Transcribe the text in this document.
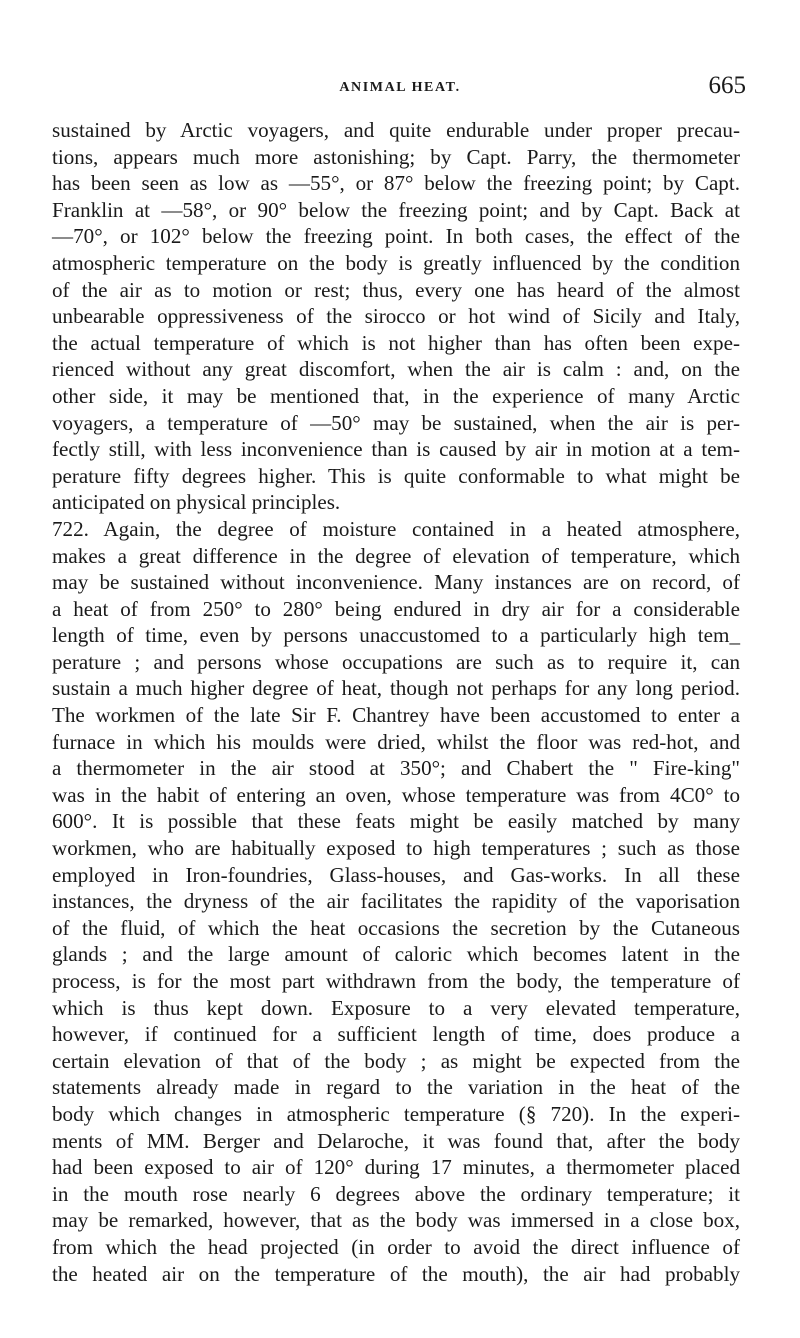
ANIMAL HEAT.	665
sustained by Arctic voyagers, and quite endurable under proper precau-
tions, appears much more astonishing; by Capt. Parry, the thermometer
has been seen as low as —55°, or 87° below the freezing point; by Capt.
Franklin at —58°, or 90° below the freezing point; and by Capt. Back at
—70°, or 102° below the freezing point. In both cases, the effect of the
atmospheric temperature on the body is greatly influenced by the condition
of the air as to motion or rest; thus, every one has heard of the almost
unbearable oppressiveness of the sirocco or hot wind of Sicily and Italy,
the actual temperature of which is not higher than has often been expe-
rienced without any great discomfort, when the air is calm : and, on the
other side, it may be mentioned that, in the experience of many Arctic
voyagers, a temperature of —50° may be sustained, when the air is per-
fectly still, with less inconvenience than is caused by air in motion at a tem-
perature fifty degrees higher. This is quite conformable to what might be
anticipated on physical principles.
722. Again, the degree of moisture contained in a heated atmosphere,
makes a great difference in the degree of elevation of temperature, which
may be sustained without inconvenience. Many instances are on record, of
a heat of from 250° to 280° being endured in dry air for a considerable
length of time, even by persons unaccustomed to a particularly high tem_
perature ; and persons whose occupations are such as to require it, can
sustain a much higher degree of heat, though not perhaps for any long period.
The workmen of the late Sir F. Chantrey have been accustomed to enter a
furnace in which his moulds were dried, whilst the floor was red-hot, and
a thermometer in the air stood at 350°; and Chabert the " Fire-king"
was in the habit of entering an oven, whose temperature was from 4C0° to
600°. It is possible that these feats might be easily matched by many
workmen, who are habitually exposed to high temperatures ; such as those
employed in Iron-foundries, Glass-houses, and Gas-works. In all these
instances, the dryness of the air facilitates the rapidity of the vaporisation
of the fluid, of which the heat occasions the secretion by the Cutaneous
glands ; and the large amount of caloric which becomes latent in the
process, is for the most part withdrawn from the body, the temperature of
which is thus kept down. Exposure to a very elevated temperature,
however, if continued for a sufficient length of time, does produce a
certain elevation of that of the body ; as might be expected from the
statements already made in regard to the variation in the heat of the
body which changes in atmospheric temperature (§ 720). In the experi-
ments of MM. Berger and Delaroche, it was found that, after the body
had been exposed to air of 120° during 17 minutes, a thermometer placed
in the mouth rose nearly 6 degrees above the ordinary temperature; it
may be remarked, however, that as the body was immersed in a close box,
from which the head projected (in order to avoid the direct influence of
the heated air on the temperature of the mouth), the air had probably
